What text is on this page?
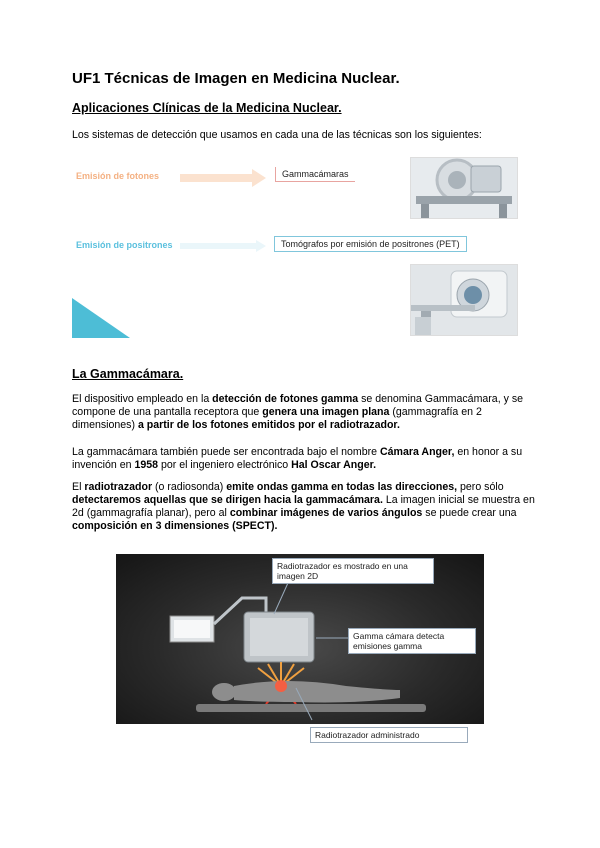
UF1 Técnicas de Imagen en Medicina Nuclear.
Aplicaciones Clínicas de la Medicina Nuclear.
Los sistemas de detección que usamos en cada una de las técnicas son los siguientes:
Emisión de fotones	Gammacámaras
Emisión de positrones	Tomógrafos por emisión de positrones (PET)
La Gammacámara.

El dispositivo empleado en la detección de fotones gamma se denomina Gammacámara, y se compone de una pantalla receptora que genera una imagen plana (gammagrafía en 2 dimensiones) a partir de los fotones emitidos por el radiotrazador.

La gammacámara también puede ser encontrada bajo el nombre Cámara Anger, en honor a su invención en 1958 por el ingeniero electrónico Hal Oscar Anger.

El radiotrazador (o radiosonda) emite ondas gamma en todas las direcciones, pero sólo detectaremos aquellas que se dirigen hacia la gammacámara. La imagen inicial se muestra en 2d (gammagrafía planar), pero al combinar imágenes de varios ángulos se puede crear una composición en 3 dimensiones (SPECT).

Radiotrazador es mostrado en una imagen 2D
Gamma cámara detecta emisiones gamma
Radiotrazador administrado
